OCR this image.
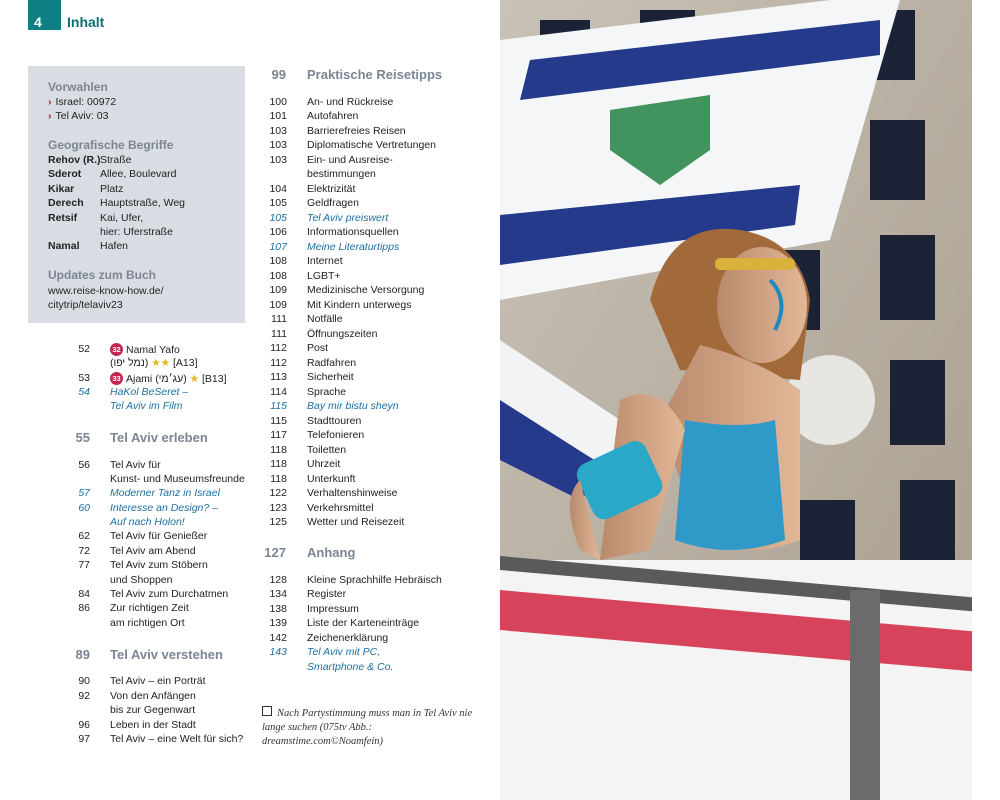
4 Inhalt
Vorwahlen
› Israel: 00972
› Tel Aviv: 03
Geografische Begriffe
Rehov (R.) Straße
Sderot Allee, Boulevard
Kikar Platz
Derech Hauptstraße, Weg
Retsif Kai, Ufer,
hier: Uferstraße
Namal Hafen
Updates zum Buch
www.reise-know-how.de/
citytrip/telaviv23
52	32 Namal Yafo
(נמל יפו) ★★ [A13]
53	33 Ajami (עג׳מי) ★ [B13]
54 HaKol BeSeret –
Tel Aviv im Film
55 Tel Aviv erleben
56 Tel Aviv für
Kunst- und Museumsfreunde
57 Moderner Tanz in Israel
60 Interesse an Design? –
Auf nach Holon!
62 Tel Aviv für Genießer
72 Tel Aviv am Abend
77 Tel Aviv zum Stöbern
und Shoppen
84 Tel Aviv zum Durchatmen
86 Zur richtigen Zeit
am richtigen Ort
89 Tel Aviv verstehen
90 Tel Aviv – ein Porträt
92 Von den Anfängen
bis zur Gegenwart
96 Leben in der Stadt
97 Tel Aviv – eine Welt für sich?
99 Praktische Reisetipps
100 An- und Rückreise
101 Autofahren
103 Barrierefreies Reisen
103 Diplomatische Vertretungen
103 Ein- und Ausreise-
bestimmungen
104 Elektrizität
105 Geldfragen
105 Tel Aviv preiswert
106 Informationsquellen
107 Meine Literaturtipps
108 Internet
108 LGBT+
109 Medizinische Versorgung
109 Mit Kindern unterwegs
111 Notfälle
111 Öffnungszeiten
112 Post
112 Radfahren
113 Sicherheit
114 Sprache
115 Bay mir bistu sheyn
115 Stadttouren
117 Telefonieren
118 Toiletten
118 Uhrzeit
118 Unterkunft
122 Verhaltenshinweise
123 Verkehrsmittel
125 Wetter und Reisezeit
127 Anhang
128 Kleine Sprachhilfe Hebräisch
134 Register
138 Impressum
139 Liste der Karteneinträge
142 Zeichenerklärung
143 Tel Aviv mit PC,
Smartphone & Co.
Nach Partystimmung muss man in Tel Aviv nie lange suchen (075tv Abb.: dreamstime.com©Noamfein)
